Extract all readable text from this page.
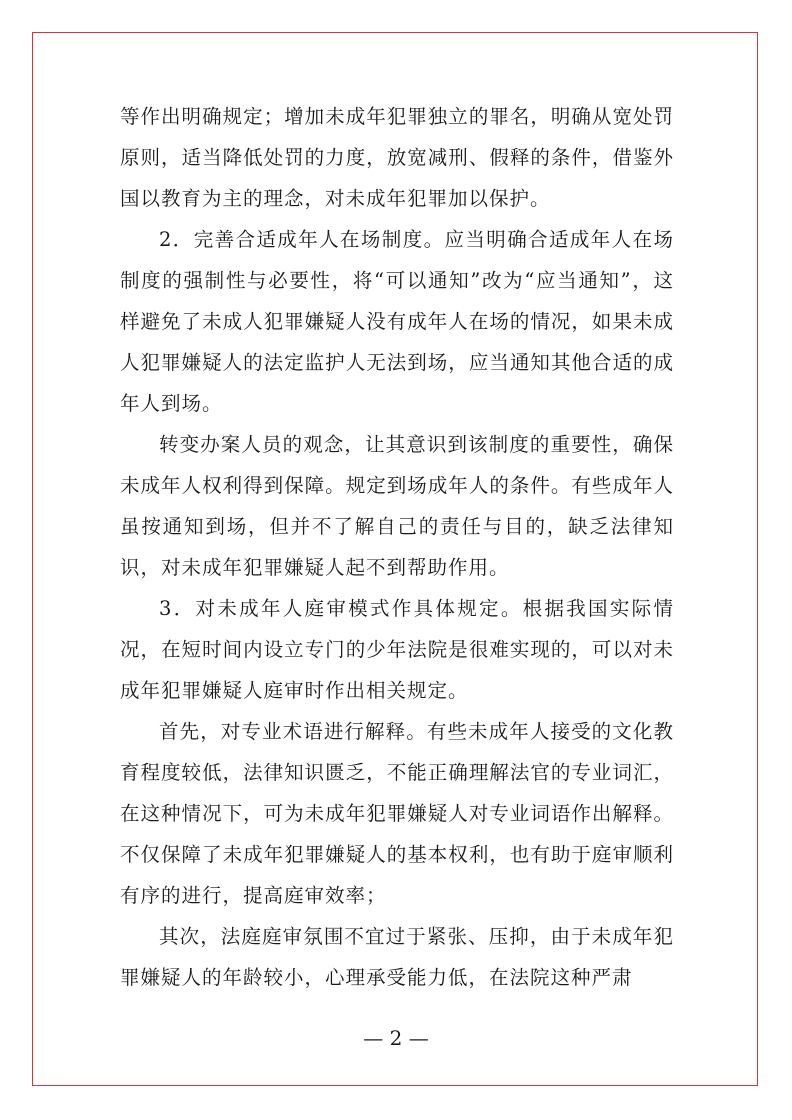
等作出明确规定；增加未成年犯罪独立的罪名，明确从宽处罚原则，适当降低处罚的力度，放宽减刑、假释的条件，借鉴外国以教育为主的理念，对未成年犯罪加以保护。

2．完善合适成年人在场制度。应当明确合适成年人在场制度的强制性与必要性，将“可以通知”改为“应当通知”，这样避免了未成人犯罪嫌疑人没有成年人在场的情况，如果未成人犯罪嫌疑人的法定监护人无法到场，应当通知其他合适的成年人到场。

转变办案人员的观念，让其意识到该制度的重要性，确保未成年人权利得到保障。规定到场成年人的条件。有些成年人虽按通知到场，但并不了解自己的责任与目的，缺乏法律知识，对未成年犯罪嫌疑人起不到帮助作用。

3．对未成年人庭审模式作具体规定。根据我国实际情况，在短时间内设立专门的少年法院是很难实现的，可以对未成年犯罪嫌疑人庭审时作出相关规定。

首先，对专业术语进行解释。有些未成年人接受的文化教育程度较低，法律知识匮乏，不能正确理解法官的专业词汇，在这种情况下，可为未成年犯罪嫌疑人对专业词语作出解释。不仅保障了未成年犯罪嫌疑人的基本权利，也有助于庭审顺利有序的进行，提高庭审效率；

其次，法庭庭审氛围不宜过于紧张、压抑，由于未成年犯罪嫌疑人的年龄较小，心理承受能力低，在法院这种严肃

— 2 —
